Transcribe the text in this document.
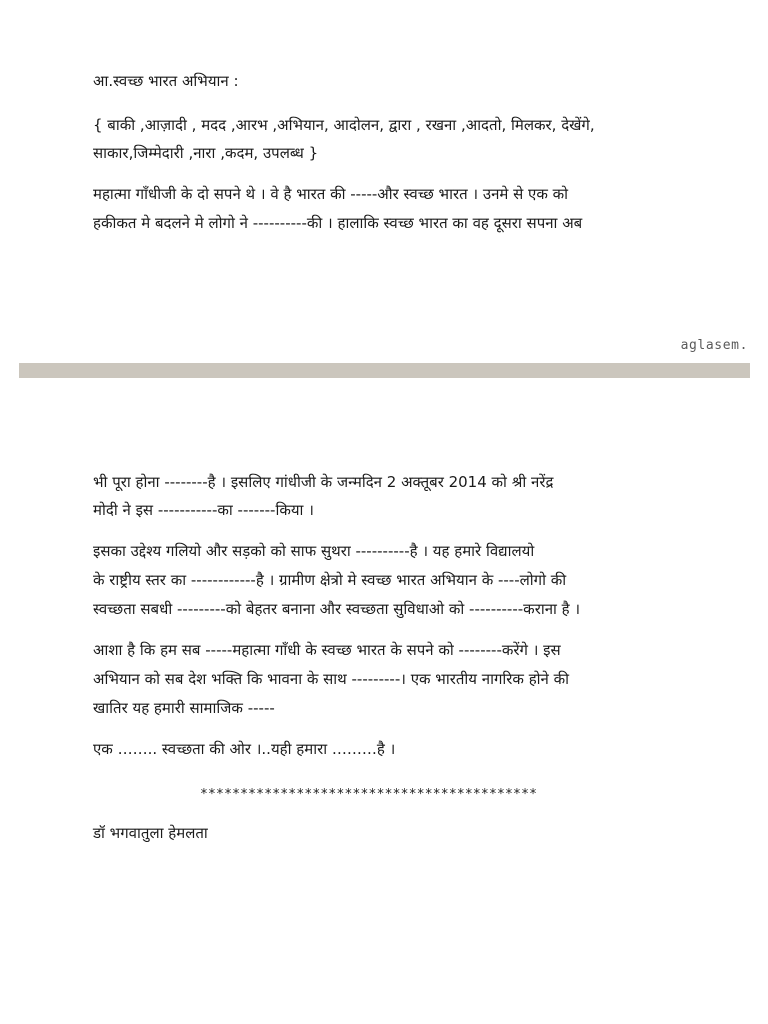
आ.स्वच्छ भारत अभियान :

{ बाकी ,आज़ादी , मदद ,आरभ ,अभियान, आदोलन, द्वारा , रखना ,आदतो, मिलकर, देखेंगे,

साकार,जिम्मेदारी ,नारा ,कदम, उपलब्ध }

महात्मा गाँधीजी के दो सपने थे । वे है भारत की -----और स्वच्छ भारत । उनमे से एक को

हकीकत मे बदलने मे लोगो ने ----------की । हालाकि स्वच्छ भारत का वह दूसरा सपना अब

aglasem.

भी पूरा होना --------है । इसलिए गांधीजी के जन्मदिन 2 अक्तूबर 2014 को श्री नरेंद्र

मोदी ने इस -----------का -------किया ।

इसका उद्देश्य गलियो और सड़को को साफ सुथरा ----------है । यह हमारे विद्यालयो

के राष्ट्रीय स्तर का ------------है । ग्रामीण क्षेत्रो मे स्वच्छ भारत अभियान के ----लोगो की

स्वच्छता सबधी ---------को बेहतर बनाना और स्वच्छता सुविधाओ को ----------कराना है ।

आशा है कि हम सब -----महात्मा गाँधी के स्वच्छ भारत के सपने को --------करेंगे । इस

अभियान को सब देश भक्ति कि भावना के साथ ---------। एक भारतीय नागरिक होने की

खातिर यह हमारी सामाजिक -----

एक …….. स्वच्छता की ओर ।..यही हमारा ………है ।

******************************************

डॉ भगवातुला हेमलता
